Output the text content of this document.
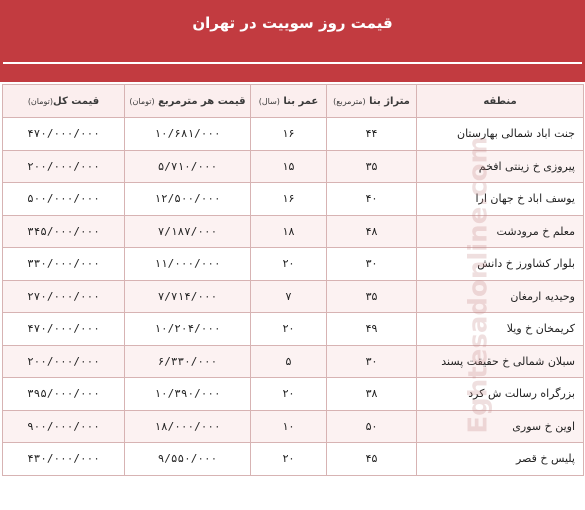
قیمت روز سوییت در تهران
منطقه	متراژ بنا (مترمربع)	عمر بنا (سال)	قیمت هر مترمربع (تومان)	قیمت کل(تومان)
جنت اباد شمالی بهارستان	۴۴	۱۶	۱۰/۶۸۱/۰۰۰	۴۷۰/۰۰۰/۰۰۰
پیروزی خ زینتی افخم	۳۵	۱۵	۵/۷۱۰/۰۰۰	۲۰۰/۰۰۰/۰۰۰
یوسف اباد خ جهان ارا	۴۰	۱۶	۱۲/۵۰۰/۰۰۰	۵۰۰/۰۰۰/۰۰۰
معلم خ مرودشت	۴۸	۱۸	۷/۱۸۷/۰۰۰	۳۴۵/۰۰۰/۰۰۰
بلوار کشاورز خ دانش	۳۰	۲۰	۱۱/۰۰۰/۰۰۰	۳۳۰/۰۰۰/۰۰۰
وحیدیه ارمغان	۳۵	۷	۷/۷۱۴/۰۰۰	۲۷۰/۰۰۰/۰۰۰
کریمخان خ ویلا	۴۹	۲۰	۱۰/۲۰۴/۰۰۰	۴۷۰/۰۰۰/۰۰۰
سبلان شمالی خ حقیقت پسند	۳۰	۵	۶/۳۳۰/۰۰۰	۲۰۰/۰۰۰/۰۰۰
بزرگراه رسالت ش کرد	۳۸	۲۰	۱۰/۳۹۰/۰۰۰	۳۹۵/۰۰۰/۰۰۰
اوین خ سوری	۵۰	۱۰	۱۸/۰۰۰/۰۰۰	۹۰۰/۰۰۰/۰۰۰
پلیس خ قصر	۴۵	۲۰	۹/۵۵۰/۰۰۰	۴۳۰/۰۰۰/۰۰۰
Eghtesadonline.com
